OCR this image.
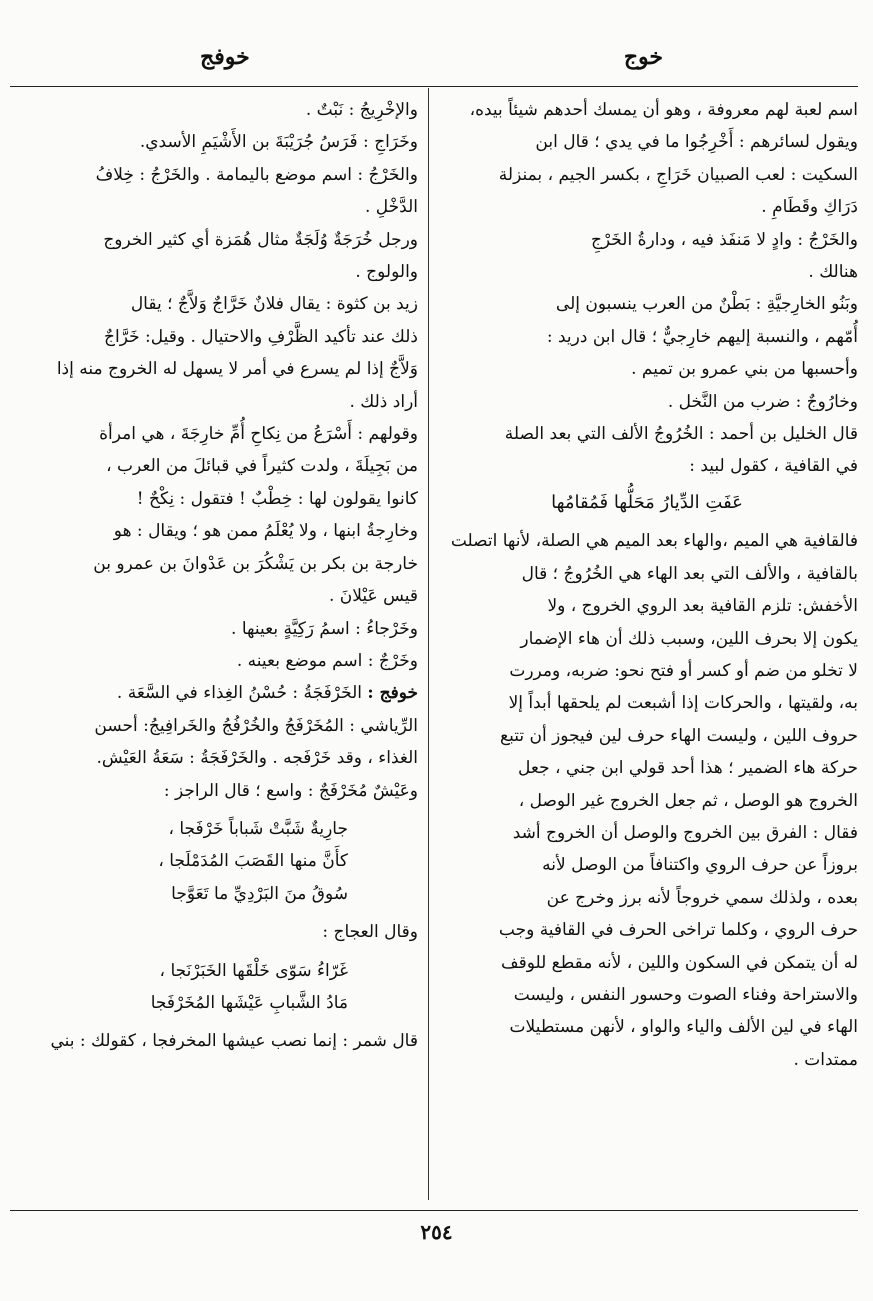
خوج
خوفج

اسم لعبة لهم معروفة ، وهو أن يمسك أحدهم شيئاً بيده،

ويقول لسائرهم : أَخْرِجُوا ما في يدي ؛ قال ابن

السكيت : لعب الصبيان خَرَاجِ ، بكسر الجيم ، بمنزلة

دَرَاكِ وقَطَامِ .

والخَرْجُ : وادٍ لا مَنفَذ فيه ، ودارةُ الخَرْجِ

هنالك .

وبَنُو الخارِجيَّةِ : بَطْنٌ من العرب ينسبون إلى

أُمّهم ، والنسبة إليهم خارِجيٌّ ؛ قال ابن دريد :

وأحسبها من بني عمرو بن تميم .

وخارُوجٌ : ضرب من النَّخل .

قال الخليل بن أحمد : الخُرُوجُ الألف التي بعد الصلة

في القافية ، كقول لبيد :

عَفَتِ الدِّيارُ مَحَلُّها فَمُقامُها

فالقافية هي الميم ،والهاء بعد الميم هي الصلة، لأنها اتصلت

بالقافية ، والألف التي بعد الهاء هي الخُرُوجُ ؛ قال

الأخفش: تلزم القافية بعد الروي الخروج ، ولا

يكون إلا بحرف اللين، وسبب ذلك أن هاء الإضمار

لا تخلو من ضم أو كسر أو فتح نحو: ضربه، ومررت

به، ولقيتها ، والحركات إذا أشبعت لم يلحقها أبداً إلا

حروف اللين ، وليست الهاء حرف لين فيجوز أن تتبع

حركة هاء الضمير ؛ هذا أحد قولي ابن جني ، جعل

الخروج هو الوصل ، ثم جعل الخروج غير الوصل ،

فقال : الفرق بين الخروج والوصل أن الخروج أشد

بروزاً عن حرف الروي واكتنافاً من الوصل لأنه

بعده ، ولذلك سمي خروجاً لأنه برز وخرج عن

حرف الروي ، وكلما تراخى الحرف في القافية وجب

له أن يتمكن في السكون واللين ، لأنه مقطع للوقف

والاستراحة وفناء الصوت وحسور النفس ، وليست

الهاء في لين الألف والياء والواو ، لأنهن مستطيلات

ممتدات .

والإخْرِيجُ : نَبْتٌ .

وخَرَاجِ : فَرَسُ جُرَيْبَةَ بن الأَشْيَمِ الأسدي.

والخَرْجُ : اسم موضع باليمامة . والخَرْجُ : خِلافُ

الدَّخْلِ .

ورجل خُرَجَةٌ وُلَجَةٌ مثال هُمَزة أي كثير الخروج

والولوج .

زيد بن كثوة : يقال فلانٌ خَرَّاجٌ وَلاَّجٌ ؛ يقال

ذلك عند تأكيد الظَّرْفِ والاحتيال . وقيل: خَرَّاجٌ

وَلاَّجٌ إذا لم يسرع في أمر لا يسهل له الخروج منه إذا

أراد ذلك .

وقولهم : أَسْرَعُ من نِكاحِ أُمِّ خارِجَةَ ، هي امرأة

من بَجِيلَةَ ، ولدت كثيراً في قبائلَ من العرب ،

كانوا يقولون لها : خِطْبٌ ! فتقول : نِكْحٌ !

وخارِجةُ ابنها ، ولا يُعْلَمُ ممن هو ؛ ويقال : هو

خارجة بن بكر بن يَشْكُرَ بن عَدْوانَ بن عمرو بن

قيس عَيْلانَ .

وخَرْجاءُ : اسمُ رَكِيَّةٍ بعينها .

وخَرْجٌ : اسم موضع بعينه .

خوفج : الخَرْفَجَةُ : حُسْنُ الغِذاء في السَّعَة .

الرِّياشي : المُخَرْفَجُ والخُرْفُجُ والخَرافِيجُ: أحسن

الغذاء ، وقد خَرْفَجه . والخَرْفَجَةُ : سَعَةُ العَيْش.

وعَيْشٌ مُخَرْفَجٌ : واسع ؛ قال الراجز :

جارِيةٌ شَبَّتْ شَباباً خَرْفَجا ،
كأَنَّ منها القَصَبَ المُدَمْلَجا ،
سُوقُ منَ البَرْدِيِّ ما تَعَوَّجا

وقال العجاج :

غَرّاءُ سَوّى خَلْقَها الخَبَرْنَجا ،
مَادُ الشَّبابِ عَيْشَها المُخَرْفَجا

قال شمر : إنما نصب عيشها المخرفجا ، كقولك : بني

٢٥٤
